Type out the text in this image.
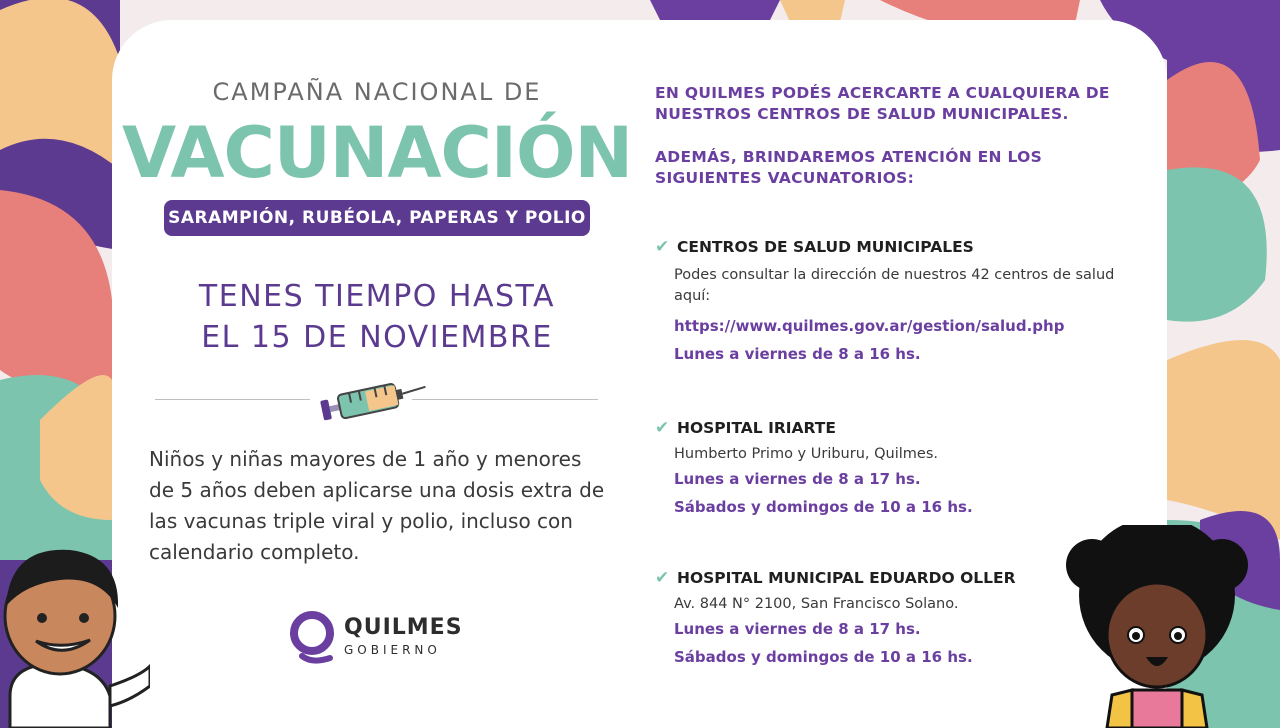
CAMPAÑA NACIONAL DE
VACUNACIÓN
SARAMPIÓN, RUBÉOLA, PAPERAS Y POLIO
TENES TIEMPO HASTA
EL 15 DE NOVIEMBRE
Niños y niñas mayores de 1 año y menores de 5 años deben aplicarse una dosis extra de las vacunas triple viral y polio, incluso con calendario completo.
QUILMES
GOBIERNO
EN QUILMES PODÉS ACERCARTE A CUALQUIERA DE NUESTROS CENTROS DE SALUD MUNICIPALES.
ADEMÁS, BRINDAREMOS ATENCIÓN EN LOS SIGUIENTES VACUNATORIOS:
✔ CENTROS DE SALUD MUNICIPALES
Podes consultar la dirección de nuestros 42 centros de salud aquí:
https://www.quilmes.gov.ar/gestion/salud.php
Lunes a viernes de 8 a 16 hs.
✔ HOSPITAL IRIARTE
Humberto Primo y Uriburu, Quilmes.
Lunes a viernes de 8 a 17 hs.
Sábados y domingos de 10 a 16 hs.
✔ HOSPITAL MUNICIPAL EDUARDO OLLER
Av. 844 N° 2100, San Francisco Solano.
Lunes a viernes de 8 a 17 hs.
Sábados y domingos de 10 a 16 hs.
